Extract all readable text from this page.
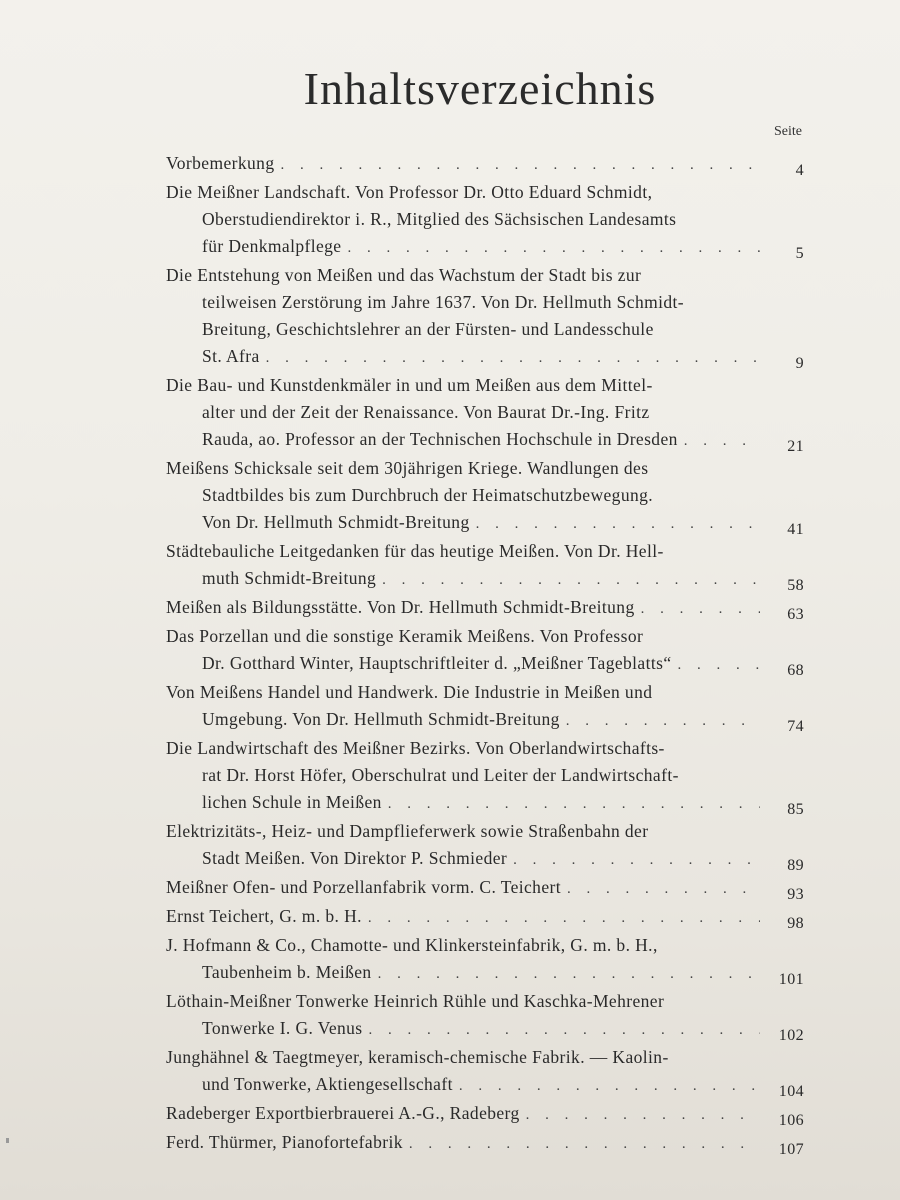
Inhaltsverzeichnis
Seite
Vorbemerkung . . .	4
Die Meißner Landschaft. Von Professor Dr. Otto Eduard Schmidt,
Oberstudiendirektor i. R., Mitglied des Sächsischen Landesamts
für Denkmalpflege . . .	5
Die Entstehung von Meißen und das Wachstum der Stadt bis zur
teilweisen Zerstörung im Jahre 1637. Von Dr. Hellmuth Schmidt-
Breitung, Geschichtslehrer an der Fürsten- und Landesschule
St. Afra . . .	9
Die Bau- und Kunstdenkmäler in und um Meißen aus dem Mittel-
alter und der Zeit der Renaissance. Von Baurat Dr.-Ing. Fritz
Rauda, ao. Professor an der Technischen Hochschule in Dresden . . .	21
Meißens Schicksale seit dem 30jährigen Kriege. Wandlungen des
Stadtbildes bis zum Durchbruch der Heimatschutzbewegung.
Von Dr. Hellmuth Schmidt-Breitung . . .	41
Städtebauliche Leitgedanken für das heutige Meißen. Von Dr. Hell-
muth Schmidt-Breitung . . .	58
Meißen als Bildungsstätte. Von Dr. Hellmuth Schmidt-Breitung . . .	63
Das Porzellan und die sonstige Keramik Meißens. Von Professor
Dr. Gotthard Winter, Hauptschriftleiter d. „Meißner Tageblatts“ . . .	68
Von Meißens Handel und Handwerk. Die Industrie in Meißen und
Umgebung. Von Dr. Hellmuth Schmidt-Breitung . . .	74
Die Landwirtschaft des Meißner Bezirks. Von Oberlandwirtschafts-
rat Dr. Horst Höfer, Oberschulrat und Leiter der Landwirtschaft-
lichen Schule in Meißen . . .	85
Elektrizitäts-, Heiz- und Dampflieferwerk sowie Straßenbahn der
Stadt Meißen. Von Direktor P. Schmieder . . .	89
Meißner Ofen- und Porzellanfabrik vorm. C. Teichert . . .	93
Ernst Teichert, G. m. b. H. . . .	98
J. Hofmann & Co., Chamotte- und Klinkersteinfabrik, G. m. b. H.,
Taubenheim b. Meißen . . .	101
Löthain-Meißner Tonwerke Heinrich Rühle und Kaschka-Mehrener
Tonwerke I. G. Venus . . .	102
Junghähnel & Taegtmeyer, keramisch-chemische Fabrik. — Kaolin-
und Tonwerke, Aktiengesellschaft . . .	104
Radeberger Exportbierbrauerei A.-G., Radeberg . . .	106
Ferd. Thürmer, Pianofortefabrik . . .	107
